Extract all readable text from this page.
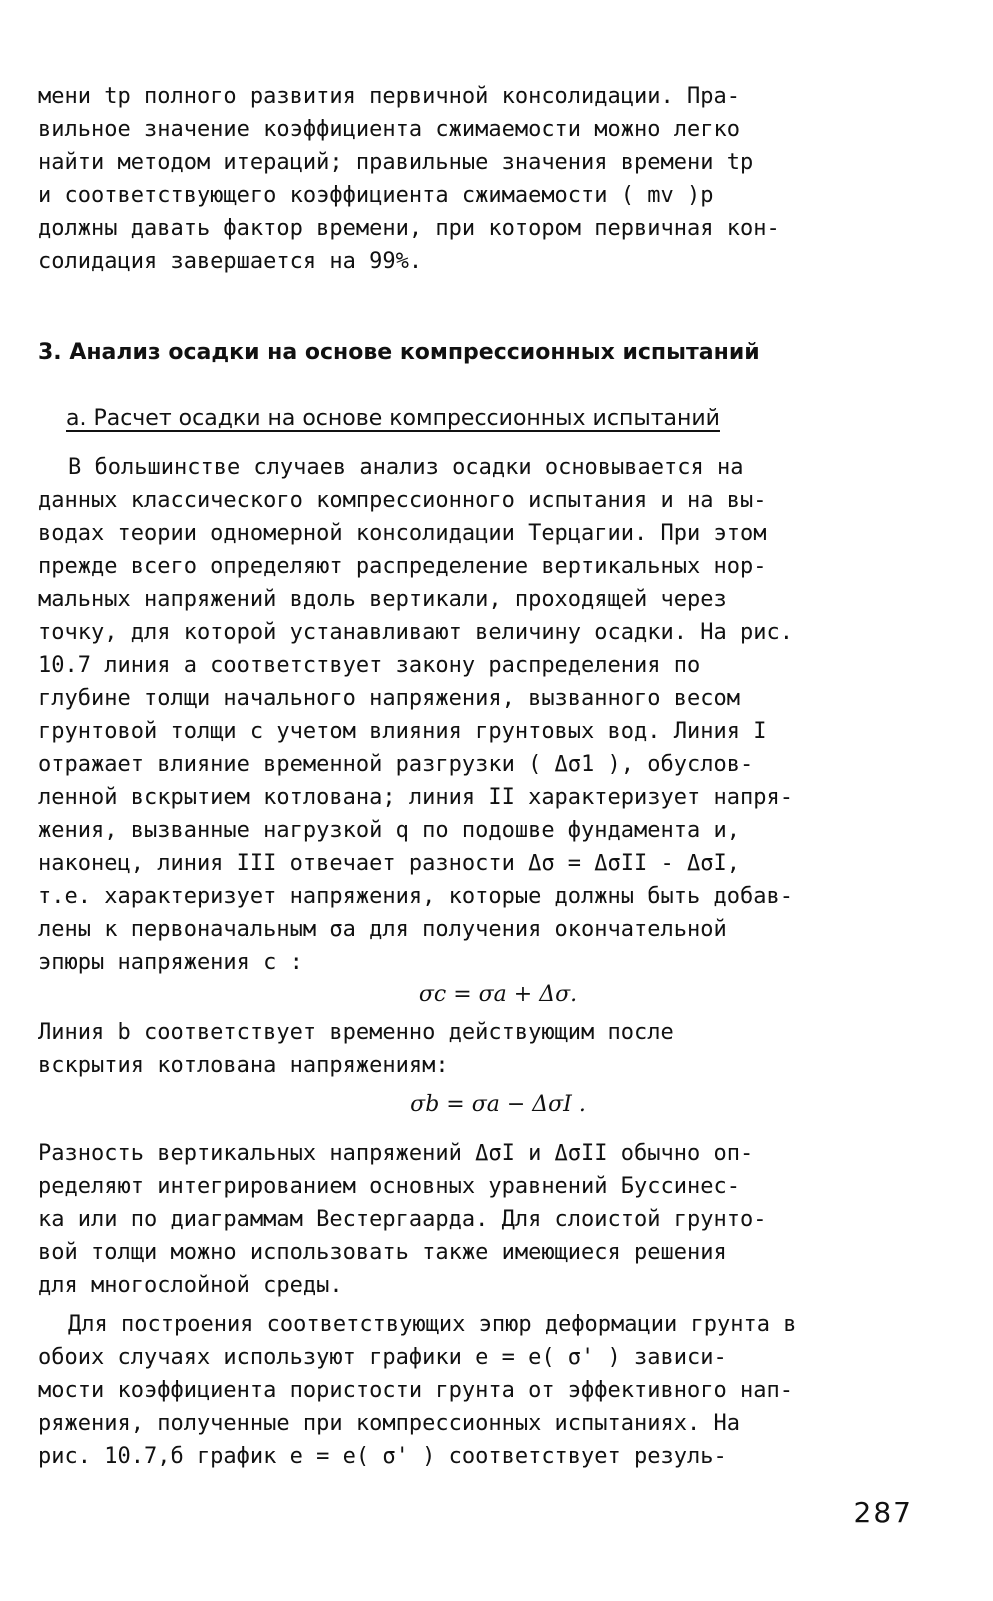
мени tp полного развития первичной консолидации. Пра-
вильное значение коэффициента сжимаемости можно легко
найти методом итераций; правильные значения времени tp
и соответствующего коэффициента сжимаемости ( mv )p
должны давать фактор времени, при котором первичная кон-
солидация завершается на 99%.
3. Анализ осадки на основе компрессионных испытаний
а. Расчет осадки на основе компрессионных испытаний
В большинстве случаев анализ осадки основывается на
данных классического компрессионного испытания и на вы-
водах теории одномерной консолидации Терцагии. При этом
прежде всего определяют распределение вертикальных нор-
мальных напряжений вдоль вертикали, проходящей через
точку, для которой устанавливают величину осадки. На рис.
10.7 линия a соответствует закону распределения по
глубине толщи начального напряжения, вызванного весом
грунтовой толщи с учетом влияния грунтовых вод. Линия I
отражает влияние временной разгрузки ( Δσ1 ), обуслов-
ленной вскрытием котлована; линия II характеризует напря-
жения, вызванные нагрузкой q по подошве фундамента и,
наконец, линия III отвечает разности Δσ = ΔσII - ΔσI,
т.е. характеризует напряжения, которые должны быть добав-
лены к первоначальным σa для получения окончательной
эпюры напряжения c :
σc = σa + Δσ.
Линия b соответствует временно действующим после
вскрытия котлована напряжениям:
σb = σa − ΔσI .
Разность вертикальных напряжений ΔσI и ΔσII обычно оп-
ределяют интегрированием основных уравнений Буссинес-
ка или по диаграммам Вестергаарда. Для слоистой грунто-
вой толщи можно использовать также имеющиеся решения
для многослойной среды.
Для построения соответствующих эпюр деформации грунта в
обоих случаях используют графики e = e( σ' ) зависи-
мости коэффициента пористости грунта от эффективного нап-
ряжения, полученные при компрессионных испытаниях. На
рис. 10.7,б график e = e( σ' ) соответствует резуль-
287
